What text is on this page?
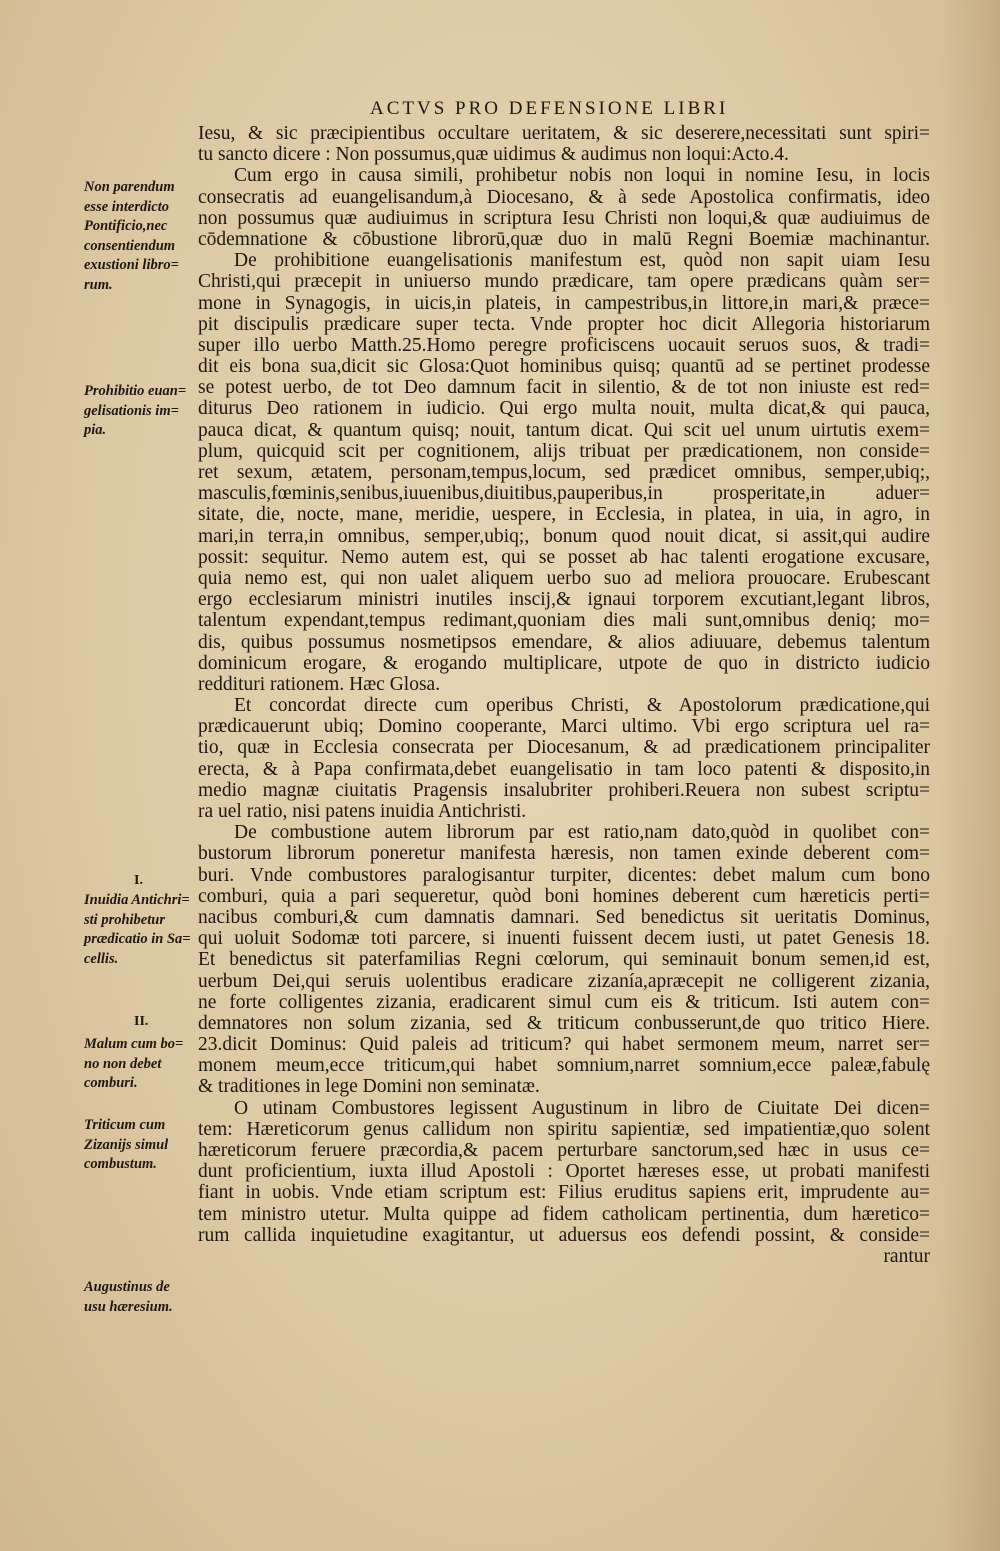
ACTVS PRO DEFENSIONE LIBRI
Non parendum
esse interdicto
Pontificio,nec
consentiendum
exustioni libro=
rum.
Prohibitio euan=
gelisationis im=
pia.
I.
Inuidia Antichri=
sti prohibetur
prædicatio in Sa=
cellis.
II.
Malum cum bo=
no non debet
comburi.
Triticum cum
Zizanijs simul
combustum.
Augustinus de
usu hæresium.
Iesu, & sic præcipientibus occultare ueritatem, & sic deserere,necessitati sunt spiri=
tu sancto dicere : Non possumus,quæ uidimus & audimus non loqui:Acto.4.
Cum ergo in causa simili, prohibetur nobis non loqui in nomine Iesu, in locis
consecratis ad euangelisandum,à Diocesano, & à sede Apostolica confirmatis, ideo
non possumus quæ audiuimus in scriptura Iesu Christi non loqui,& quæ audiuimus de
cōdemnatione & cōbustione librorū,quæ duo in malū Regni Boemiæ machinantur.
De prohibitione euangelisationis manifestum est, quòd non sapit uiam Iesu
Christi,qui præcepit in uniuerso mundo prædicare, tam opere prædicans quàm ser=
mone in Synagogis, in uicis,in plateis, in campestribus,in littore,in mari,& præce=
pit discipulis prædicare super tecta. Vnde propter hoc dicit Allegoria historiarum
super illo uerbo Matth.25.Homo peregre proficiscens uocauit seruos suos, & tradi=
dit eis bona sua,dicit sic Glosa:Quot hominibus quisq; quantū ad se pertinet prodesse
se potest uerbo, de tot Deo damnum facit in silentio, & de tot non iniuste est red=
diturus Deo rationem in iudicio. Qui ergo multa nouit, multa dicat,& qui pauca,
pauca dicat, & quantum quisq; nouit, tantum dicat. Qui scit uel unum uirtutis exem=
plum, quicquid scit per cognitionem, alijs tribuat per prædicationem, non conside=
ret sexum, ætatem, personam,tempus,locum, sed prædicet omnibus, semper,ubiq;,
masculis,fœminis,senibus,iuuenibus,diuitibus,pauperibus,in prosperitate,in aduer=
sitate, die, nocte, mane, meridie, uespere, in Ecclesia, in platea, in uia, in agro, in
mari,in terra,in omnibus, semper,ubiq;, bonum quod nouit dicat, si assit,qui audire
possit: sequitur. Nemo autem est, qui se posset ab hac talenti erogatione excusare,
quia nemo est, qui non ualet aliquem uerbo suo ad meliora prouocare. Erubescant
ergo ecclesiarum ministri inutiles inscij,& ignaui torporem excutiant,legant libros,
talentum expendant,tempus redimant,quoniam dies mali sunt,omnibus deniq; mo=
dis, quibus possumus nosmetipsos emendare, & alios adiuuare, debemus talentum
dominicum erogare, & erogando multiplicare, utpote de quo in districto iudicio
reddituri rationem. Hæc Glosa.
Et concordat directe cum operibus Christi, & Apostolorum prædicatione,qui
prædicauerunt ubiq; Domino cooperante, Marci ultimo. Vbi ergo scriptura uel ra=
tio, quæ in Ecclesia consecrata per Diocesanum, & ad prædicationem principaliter
erecta, & à Papa confirmata,debet euangelisatio in tam loco patenti & disposito,in
medio magnæ ciuitatis Pragensis insalubriter prohiberi.Reuera non subest scriptu=
ra uel ratio, nisi patens inuidia Antichristi.
De combustione autem librorum par est ratio,nam dato,quòd in quolibet con=
bustorum librorum poneretur manifesta hæresis, non tamen exinde deberent com=
buri. Vnde combustores paralogisantur turpiter, dicentes: debet malum cum bono
comburi, quia a pari sequeretur, quòd boni homines deberent cum hæreticis perti=
nacibus comburi,& cum damnatis damnari. Sed benedictus sit ueritatis Dominus,
qui uoluit Sodomæ toti parcere, si inuenti fuissent decem iusti, ut patet Genesis 18.
Et benedictus sit paterfamilias Regni cœlorum, qui seminauit bonum semen,id est,
uerbum Dei,qui seruis uolentibus eradicare zizanía,apræcepit ne colligerent zizania,
ne forte colligentes zizania, eradicarent simul cum eis & triticum. Isti autem con=
demnatores non solum zizania, sed & triticum conbusserunt,de quo tritico Hiere.
23.dicit Dominus: Quid paleis ad triticum? qui habet sermonem meum, narret ser=
monem meum,ecce triticum,qui habet somnium,narret somnium,ecce paleæ,fabulę
& traditiones in lege Domini non seminatæ.
O utinam Combustores legissent Augustinum in libro de Ciuitate Dei dicen=
tem: Hæreticorum genus callidum non spiritu sapientiæ, sed impatientiæ,quo solent
hæreticorum feruere præcordia,& pacem perturbare sanctorum,sed hæc in usus ce=
dunt proficientium, iuxta illud Apostoli : Oportet hæreses esse, ut probati manifesti
fiant in uobis. Vnde etiam scriptum est: Filius eruditus sapiens erit, imprudente au=
tem ministro utetur. Multa quippe ad fidem catholicam pertinentia, dum hæretico=
rum callida inquietudine exagitantur, ut aduersus eos defendi possint, & conside=
rantur
